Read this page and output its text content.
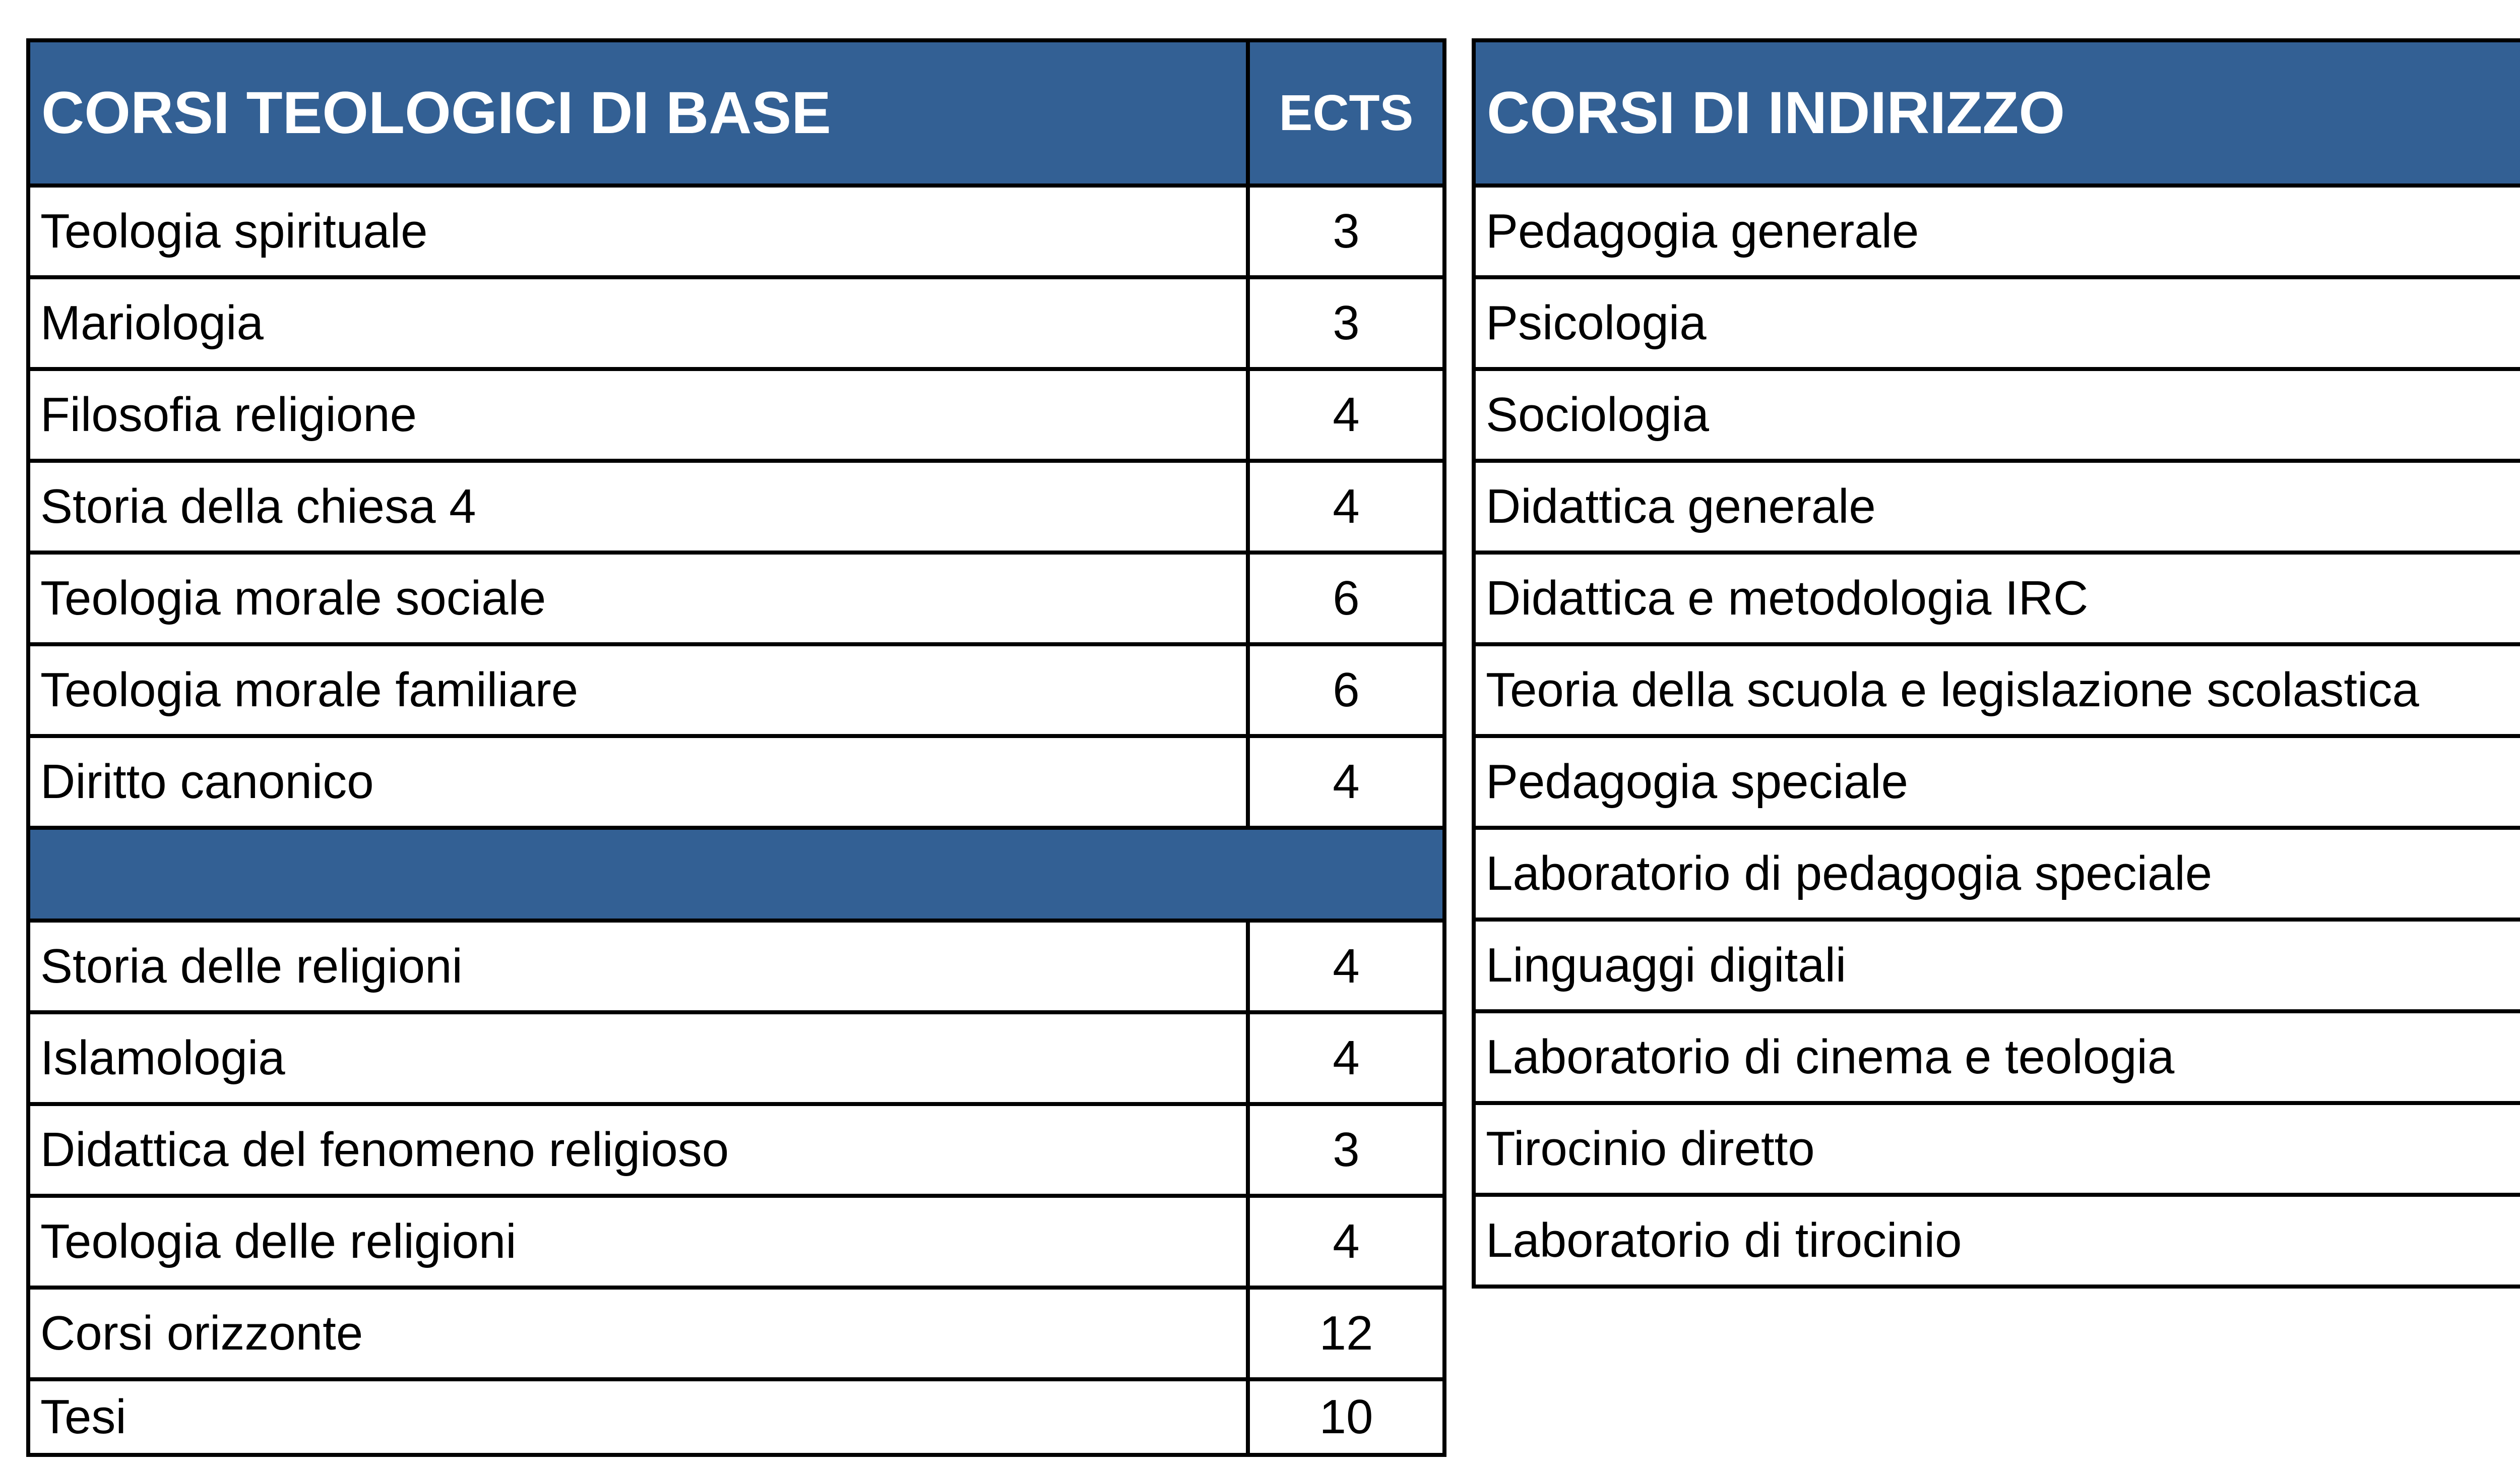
CORSI TEOLOGICI DI BASE	ECTS
Teologia spirituale	3
Mariologia	3
Filosofia religione	4
Storia della chiesa 4	4
Teologia morale sociale	6
Teologia morale familiare	6
Diritto canonico	4

Storia delle religioni	4
Islamologia	4
Didattica del fenomeno religioso	3
Teologia delle religioni	4
Corsi orizzonte	12
Tesi	10
CORSI DI INDIRIZZO	
Pedagogia generale	
Psicologia	
Sociologia	
Didattica generale	
Didattica e metodologia IRC	
Teoria della scuola e legislazione scolastica	
Pedagogia speciale	
Laboratorio di pedagogia speciale	
Linguaggi digitali	
Laboratorio di cinema e teologia	
Tirocinio diretto	
Laboratorio di tirocinio	
